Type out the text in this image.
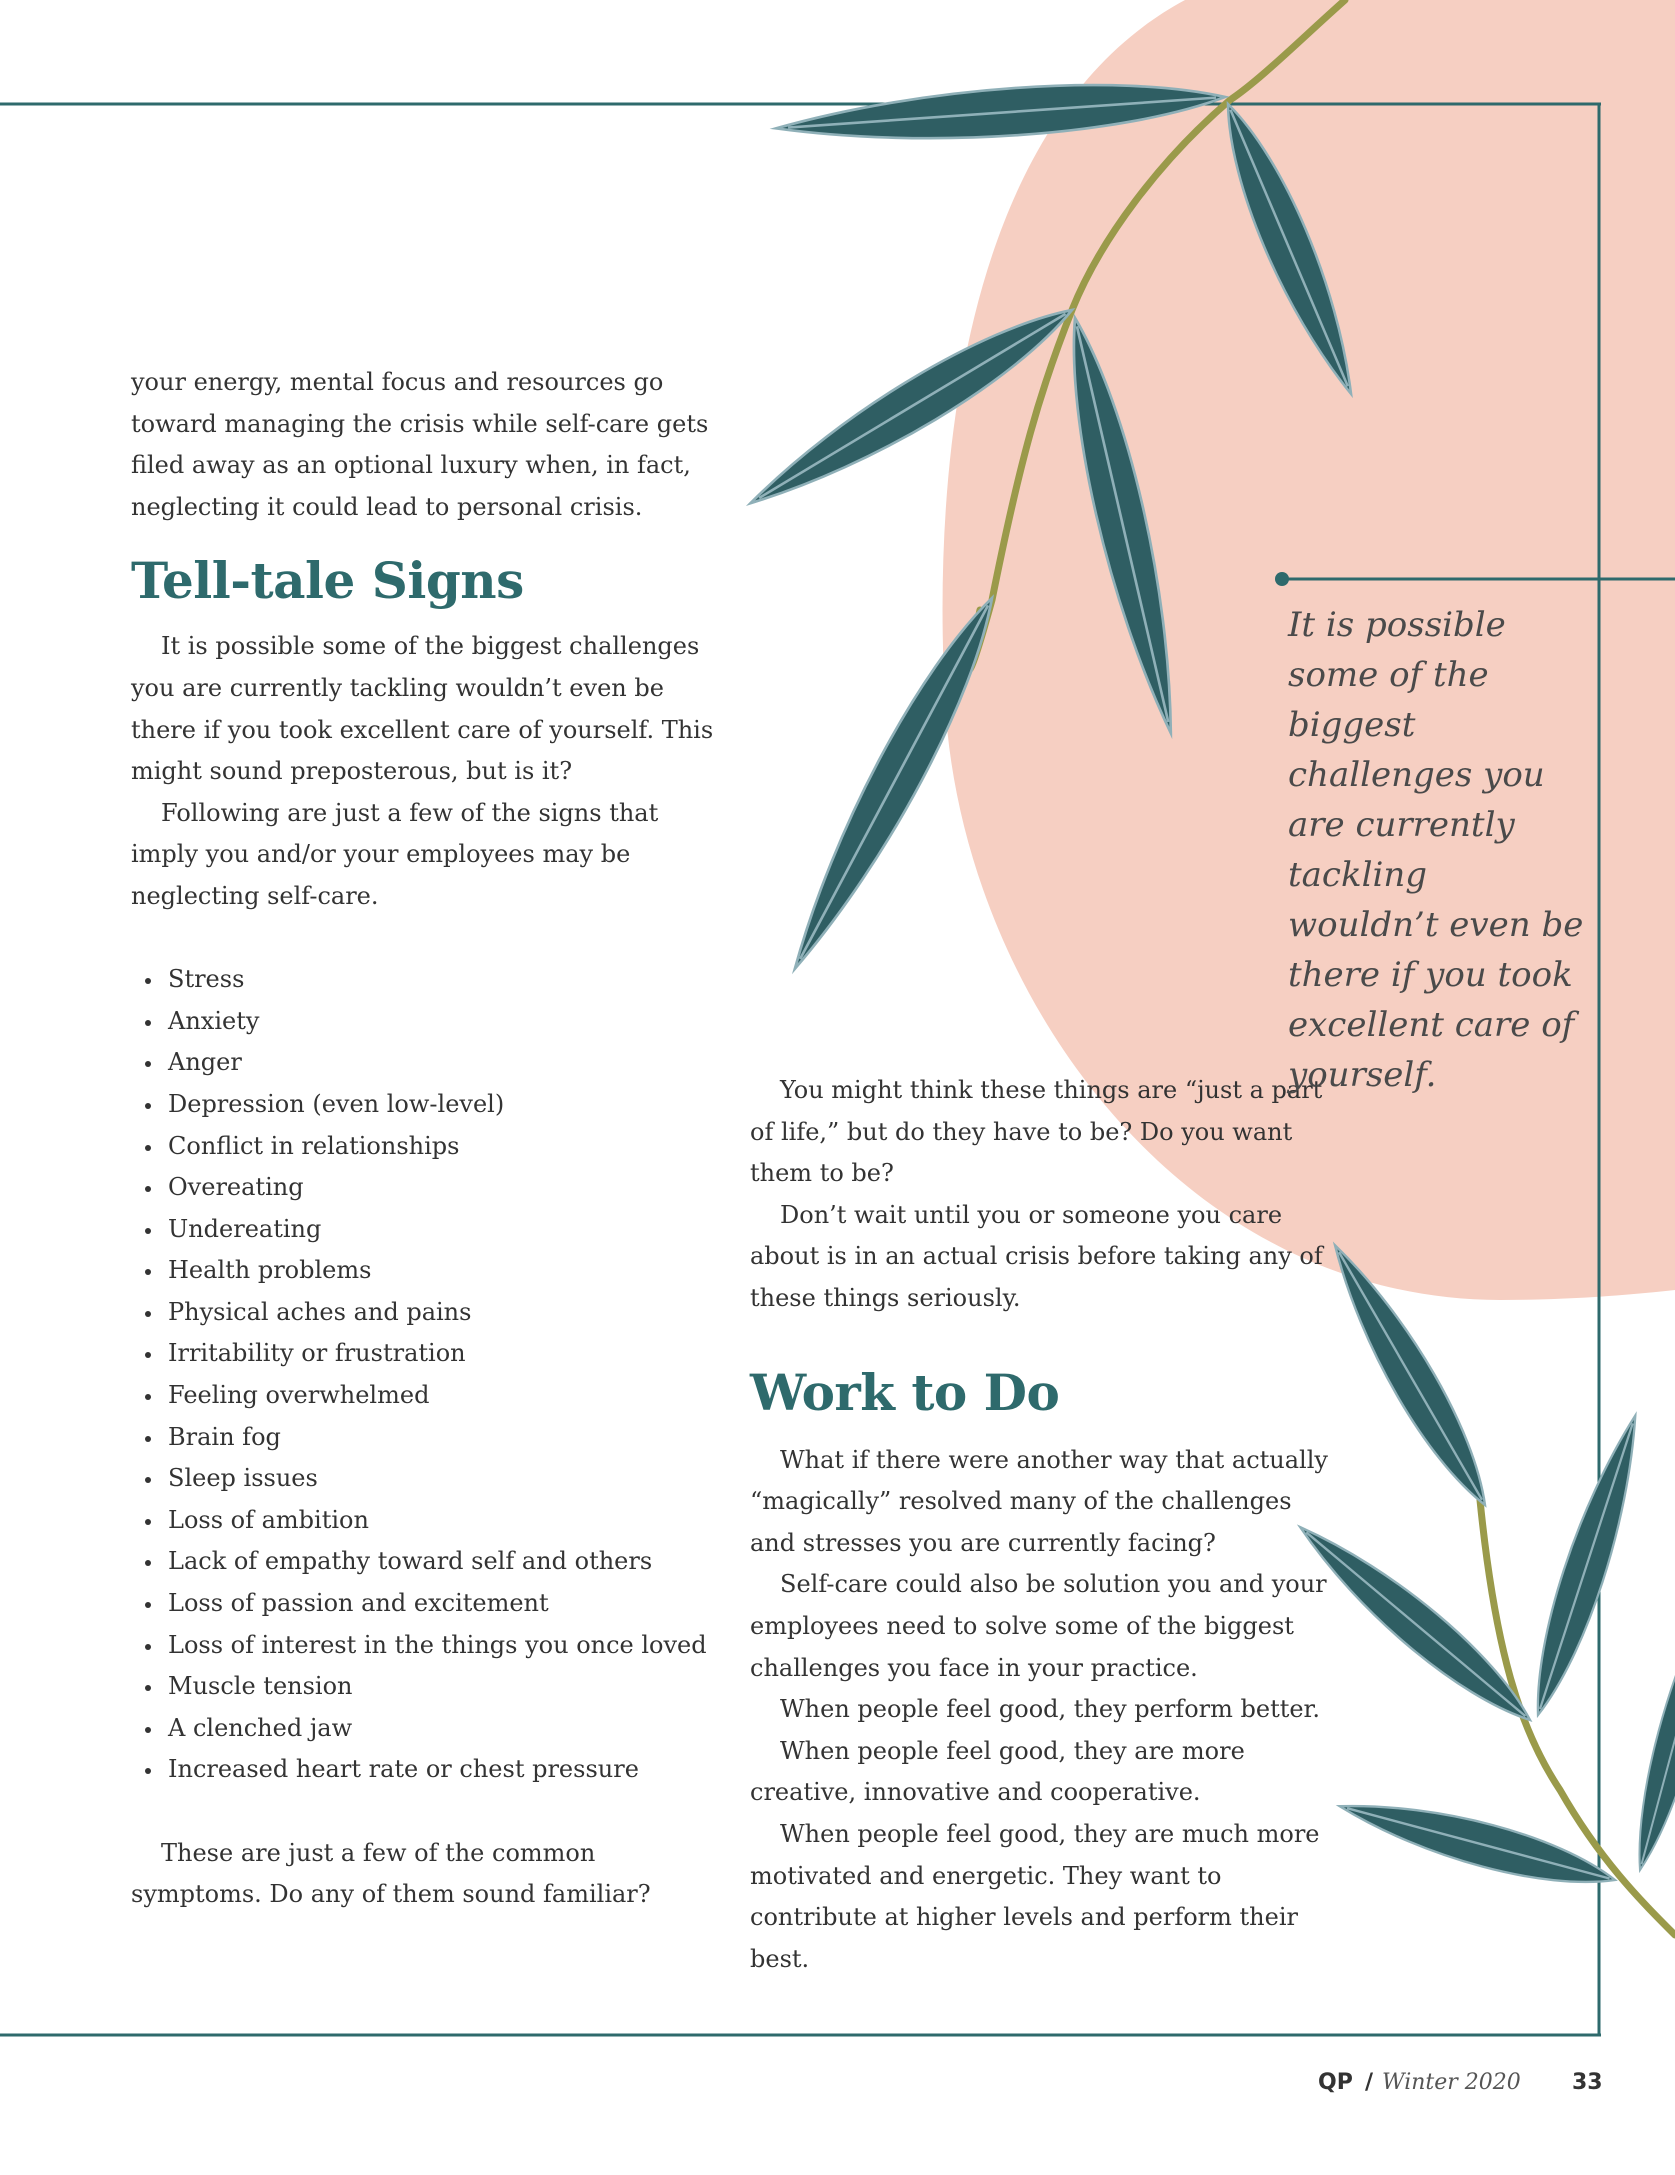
your energy, mental focus and resources go toward managing the crisis while self-care gets filed away as an optional luxury when, in fact, neglecting it could lead to personal crisis.

Tell-tale Signs

It is possible some of the biggest challenges you are currently tackling wouldn’t even be there if you took excellent care of yourself. This might sound preposterous, but is it?

Following are just a few of the signs that imply you and/or your employees may be neglecting self-care.

Stress
Anxiety
Anger
Depression (even low-level)
Conflict in relationships
Overeating
Undereating
Health problems
Physical aches and pains
Irritability or frustration
Feeling overwhelmed
Brain fog
Sleep issues
Loss of ambition
Lack of empathy toward self and others
Loss of passion and excitement
Loss of interest in the things you once loved
Muscle tension
A clenched jaw
Increased heart rate or chest pressure

These are just a few of the common symptoms. Do any of them sound familiar?

You might think these things are “just a part of life,” but do they have to be? Do you want them to be?

Don’t wait until you or someone you care about is in an actual crisis before taking any of these things seriously.

Work to Do

What if there were another way that actually “magically” resolved many of the challenges and stresses you are currently facing?

Self-care could also be solution you and your employees need to solve some of the biggest challenges you face in your practice.

When people feel good, they perform better.

When people feel good, they are more creative, innovative and cooperative.

When people feel good, they are much more motivated and energetic. They want to contribute at higher levels and perform their best.

It is possible some of the biggest challenges you are currently tackling wouldn’t even be there if you took excellent care of yourself.
QP / Winter 2020 33
